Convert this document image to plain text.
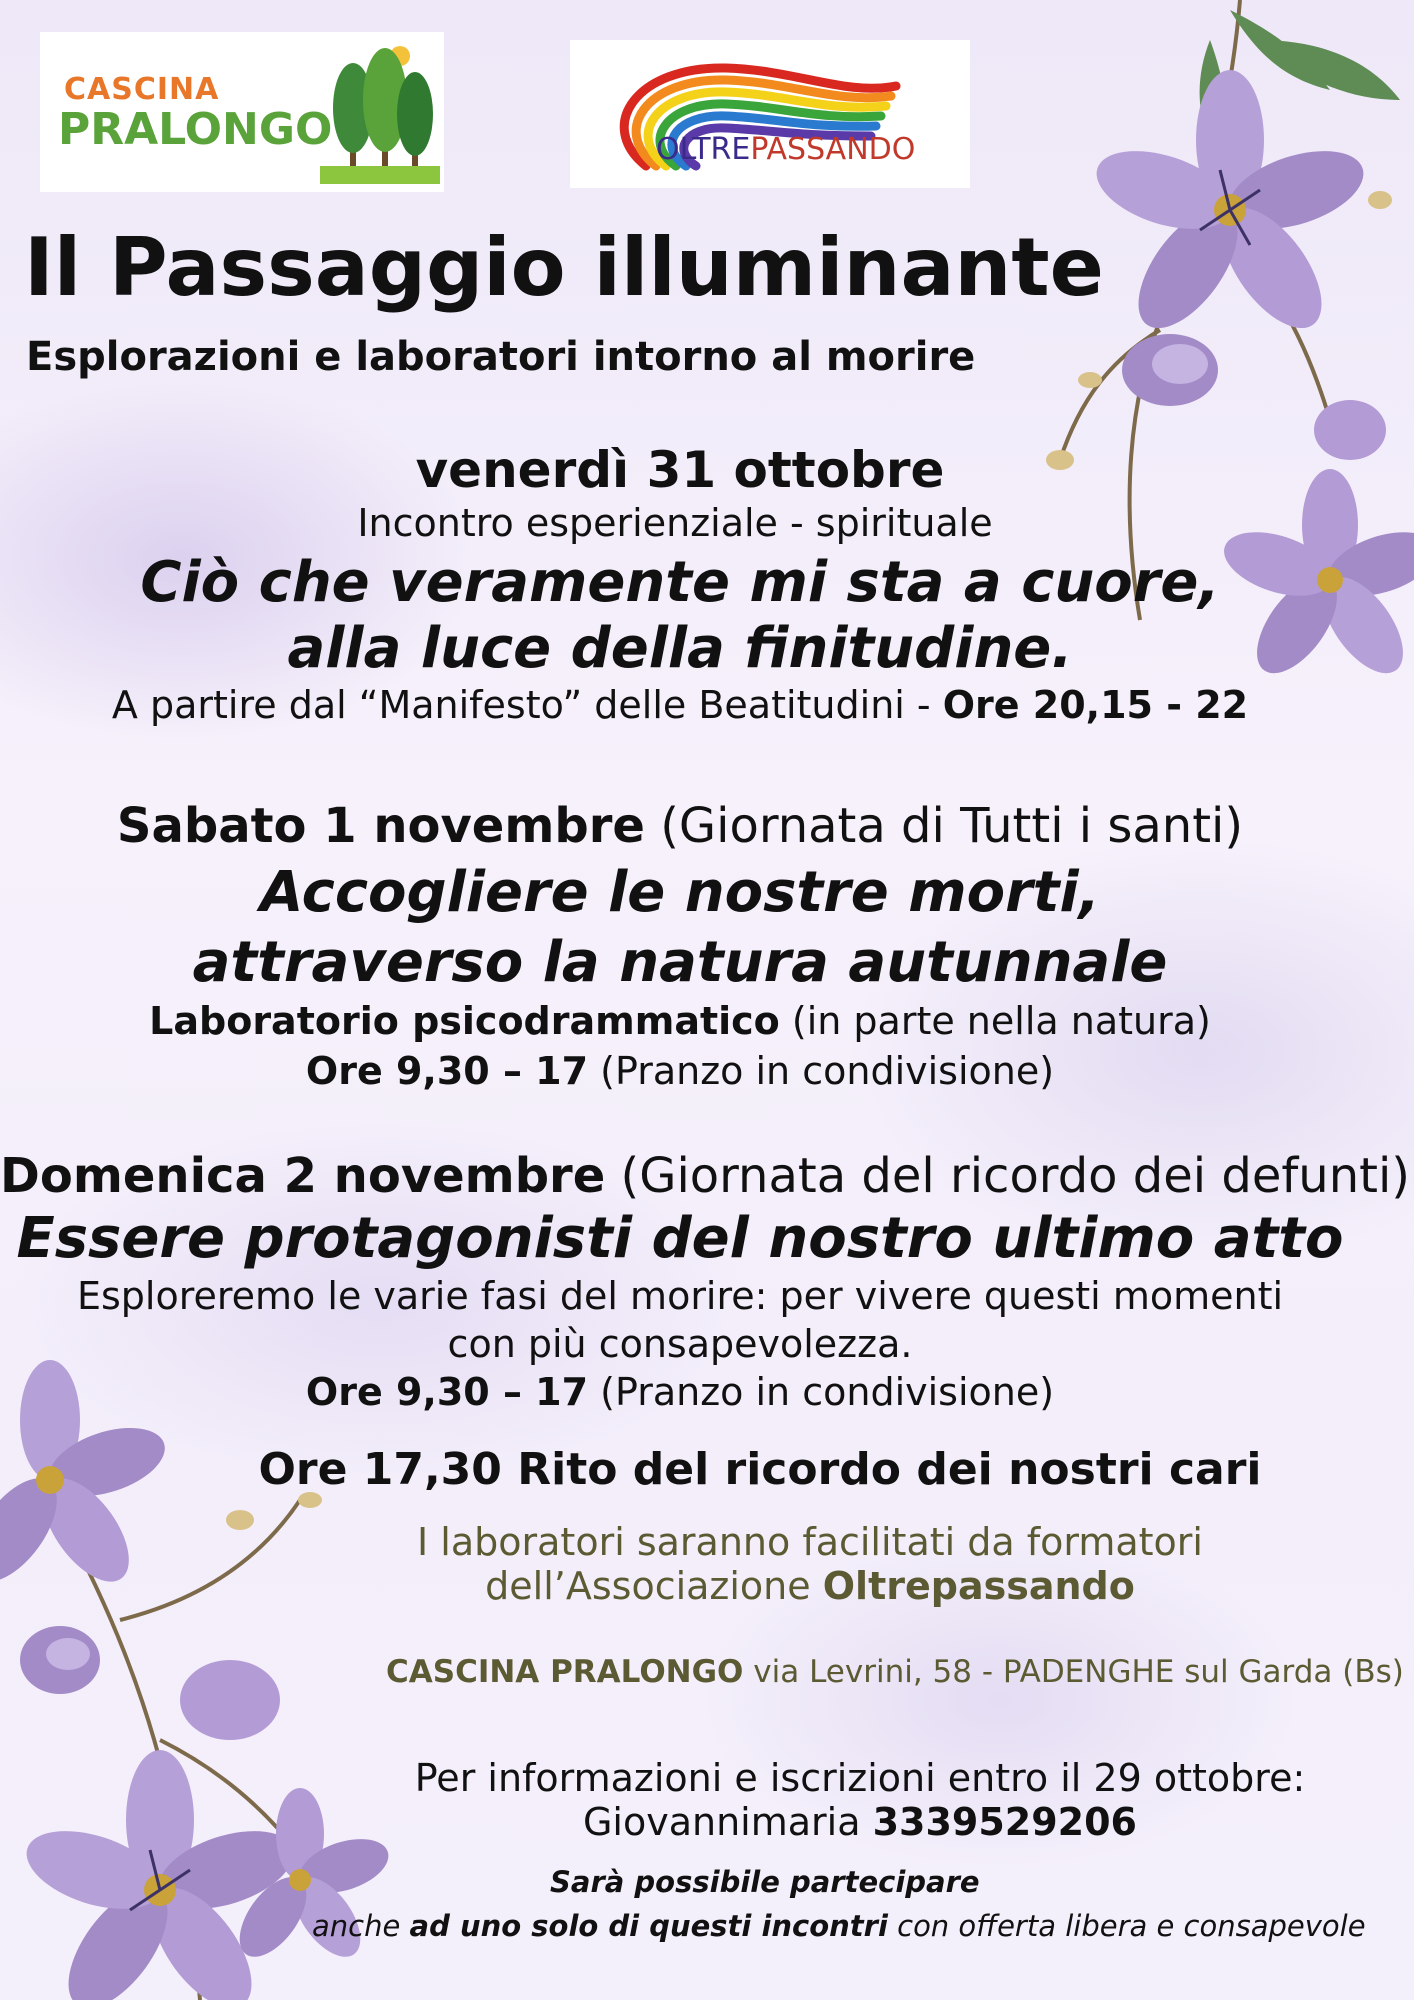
CASCINA
PRALONGO	OLTREPASSANDO
Il Passaggio illuminante
Esplorazioni e laboratori intorno al morire
venerdì 31 ottobre
Incontro esperienziale - spirituale
Ciò che veramente mi sta a cuore,
alla luce della finitudine.
A partire dal “Manifesto” delle Beatitudini - Ore 20,15 - 22
Sabato 1 novembre (Giornata di Tutti i santi)
Accogliere le nostre morti,
attraverso la natura autunnale
Laboratorio psicodrammatico (in parte nella natura)
Ore 9,30 – 17 (Pranzo in condivisione)
Domenica 2 novembre (Giornata del ricordo dei defunti)
Essere protagonisti del nostro ultimo atto
Esploreremo le varie fasi del morire: per vivere questi momenti
con più consapevolezza.
Ore 9,30 – 17 (Pranzo in condivisione)
Ore 17,30 Rito del ricordo dei nostri cari
I laboratori saranno facilitati da formatori
dell’Associazione Oltrepassando
CASCINA PRALONGO via Levrini, 58 - PADENGHE sul Garda (Bs)
Per informazioni e iscrizioni entro il 29 ottobre:
Giovannimaria 3339529206
Sarà possibile partecipare
anche ad uno solo di questi incontri con offerta libera e consapevole
